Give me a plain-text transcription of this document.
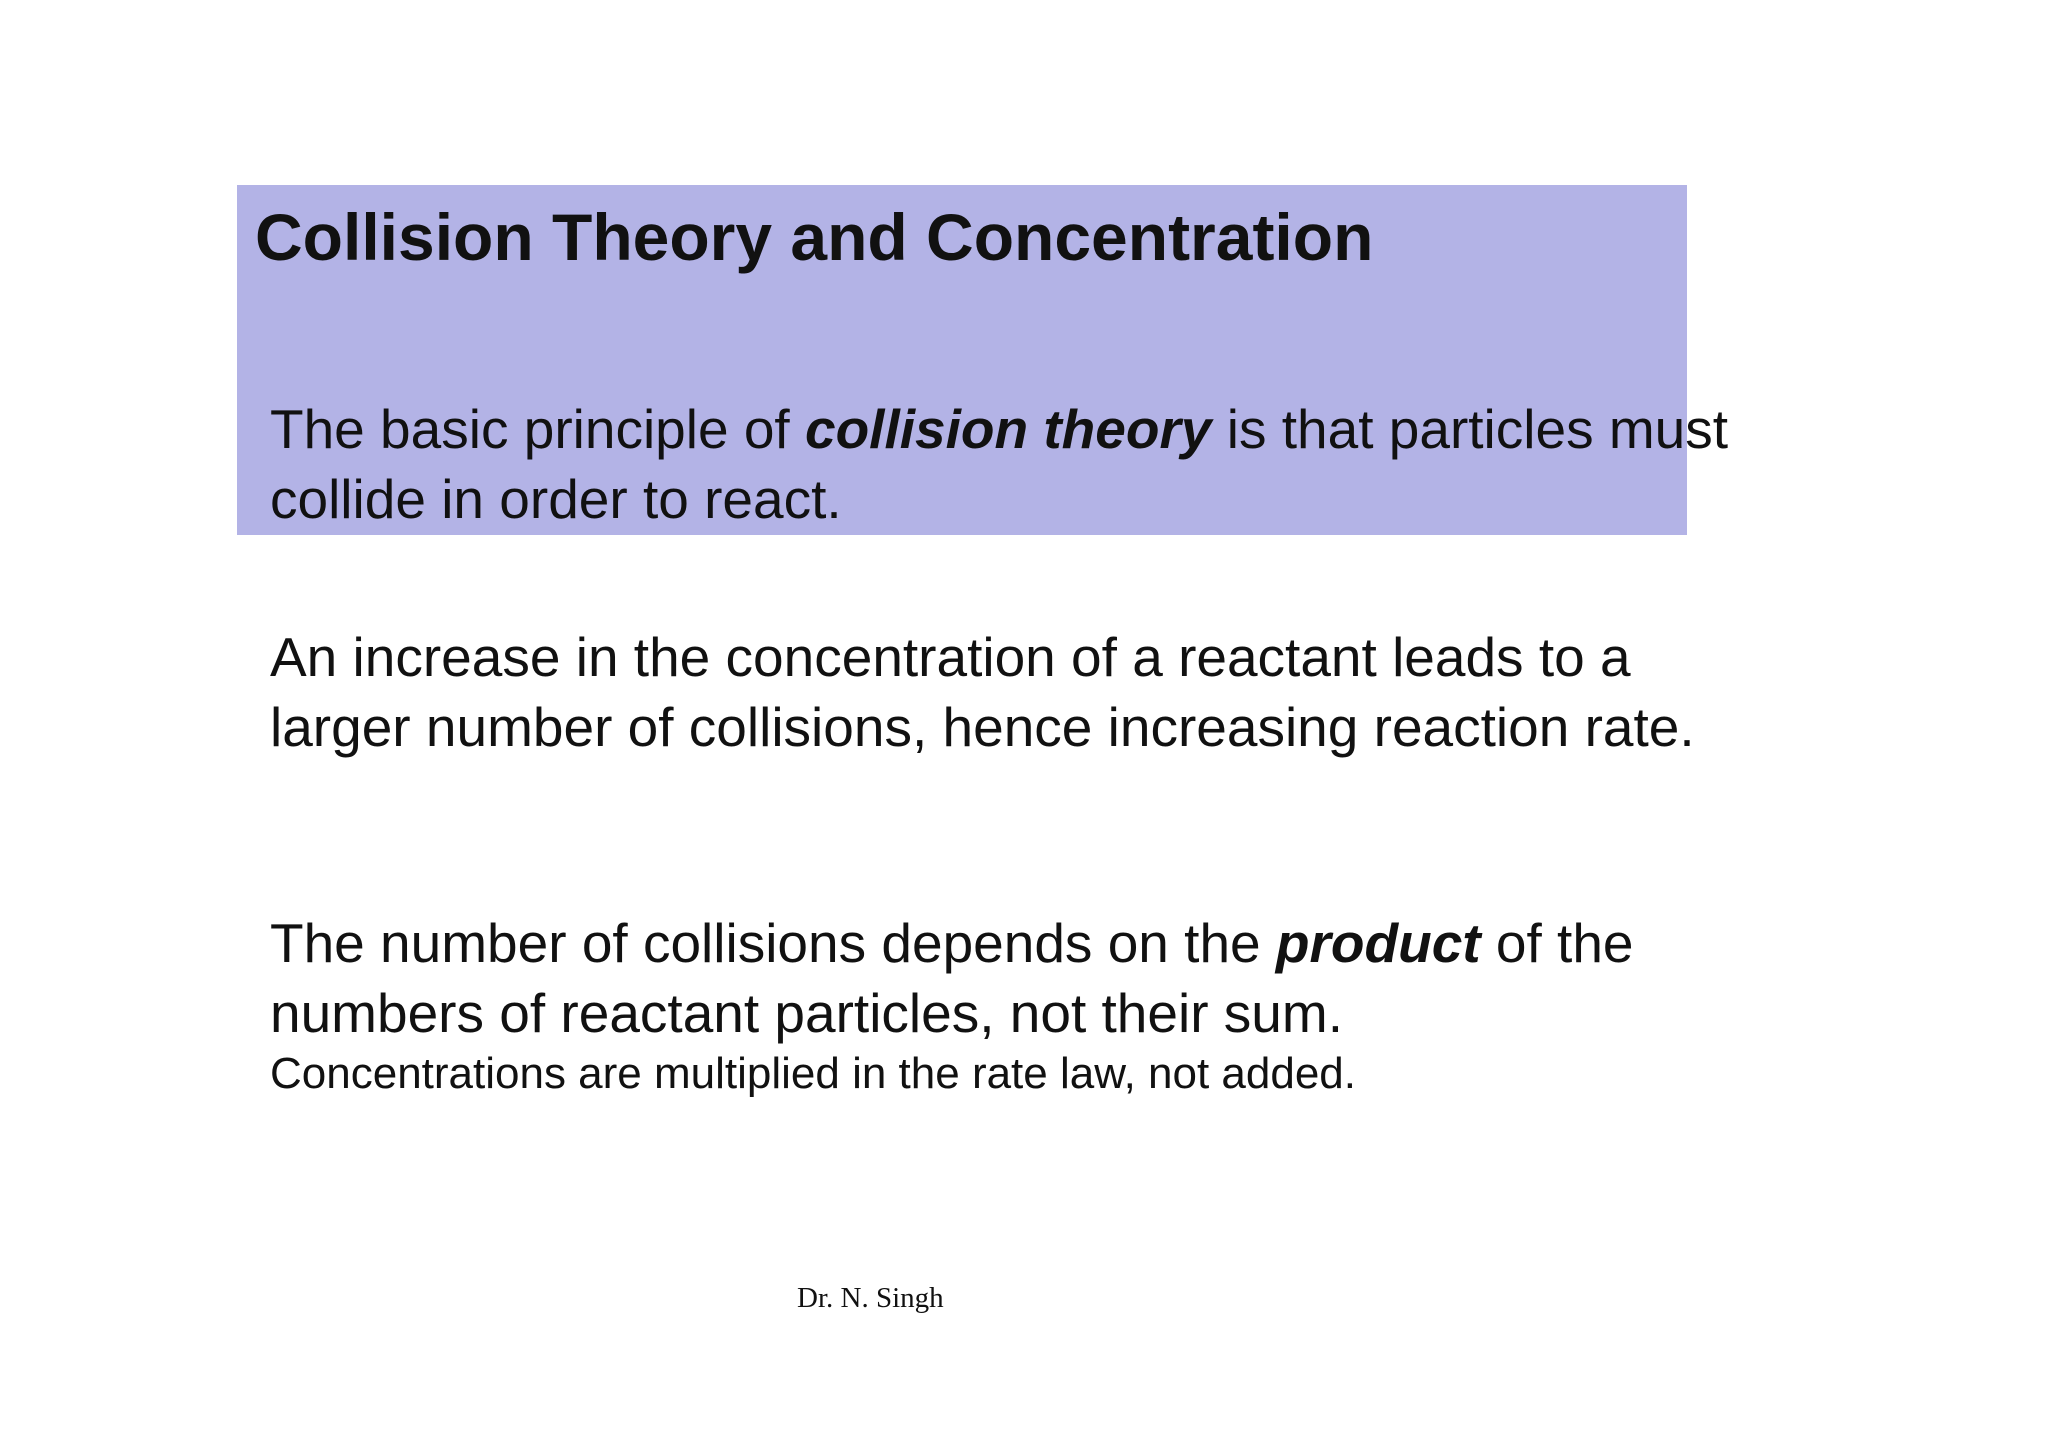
Collision Theory and Concentration

The basic principle of collision theory is that particles must collide in order to react.

An increase in the concentration of a reactant leads to a larger number of collisions, hence increasing reaction rate.

The number of collisions depends on the product of the numbers of reactant particles, not their sum.

Concentrations are multiplied in the rate law, not added.

Dr. N. Singh
